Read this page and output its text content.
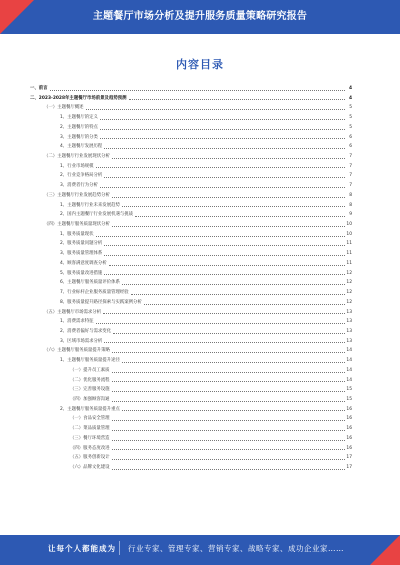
主题餐厅市场分析及提升服务质量策略研究报告
内容目录
一、前言	4
二、2023-2028年主题餐厅市场前景及趋势预测	4
（一）主题餐厅概述	5
1、主题餐厅的定义	5
2、主题餐厅的特点	5
3、主题餐厅的分类	6
4、主题餐厅发展历程	6
（二）主题餐厅行业发展现状分析	7
1、行业市场规模	7
2、行业竞争格局分析	7
3、消费者行为分析	7
（三）主题餐厅行业发展趋势分析	8
1、主题餐厅行业未来发展趋势	8
2、国内主题餐厅行业发展机遇与挑战	9
（四）主题餐厅服务质量现状分析	10
1、服务质量现状	10
2、服务质量问题分析	11
3、服务质量管理体系	11
4、顾客满意度调查分析	11
5、服务质量改进措施	12
6、主题餐厅服务质量评价体系	12
7、行业标杆企业服务质量管理经验	12
8、服务质量提升路径探索与实践案例分析	12
（五）主题餐厅市场需求分析	13
1、消费需求特征	13
2、消费者偏好与需求变化	13
3、区域市场需求分析	13
（六）主题餐厅服务质量提升策略	14
1、主题餐厅服务质量提升途径	14
（一）提升员工素质	14
（二）优化服务流程	14
（三）完善服务设施	15
（四）加强顾客沟通	15
2、主题餐厅服务质量提升重点	16
（一）食品安全管理	16
（二）菜品质量管理	16
（三）餐厅环境营造	16
（四）服务态度改进	16
（五）服务创新设计	17
（六）品牌文化建设	17
让每个人都能成为 行业专家、管理专家、营销专家、战略专家、成功企业家……
